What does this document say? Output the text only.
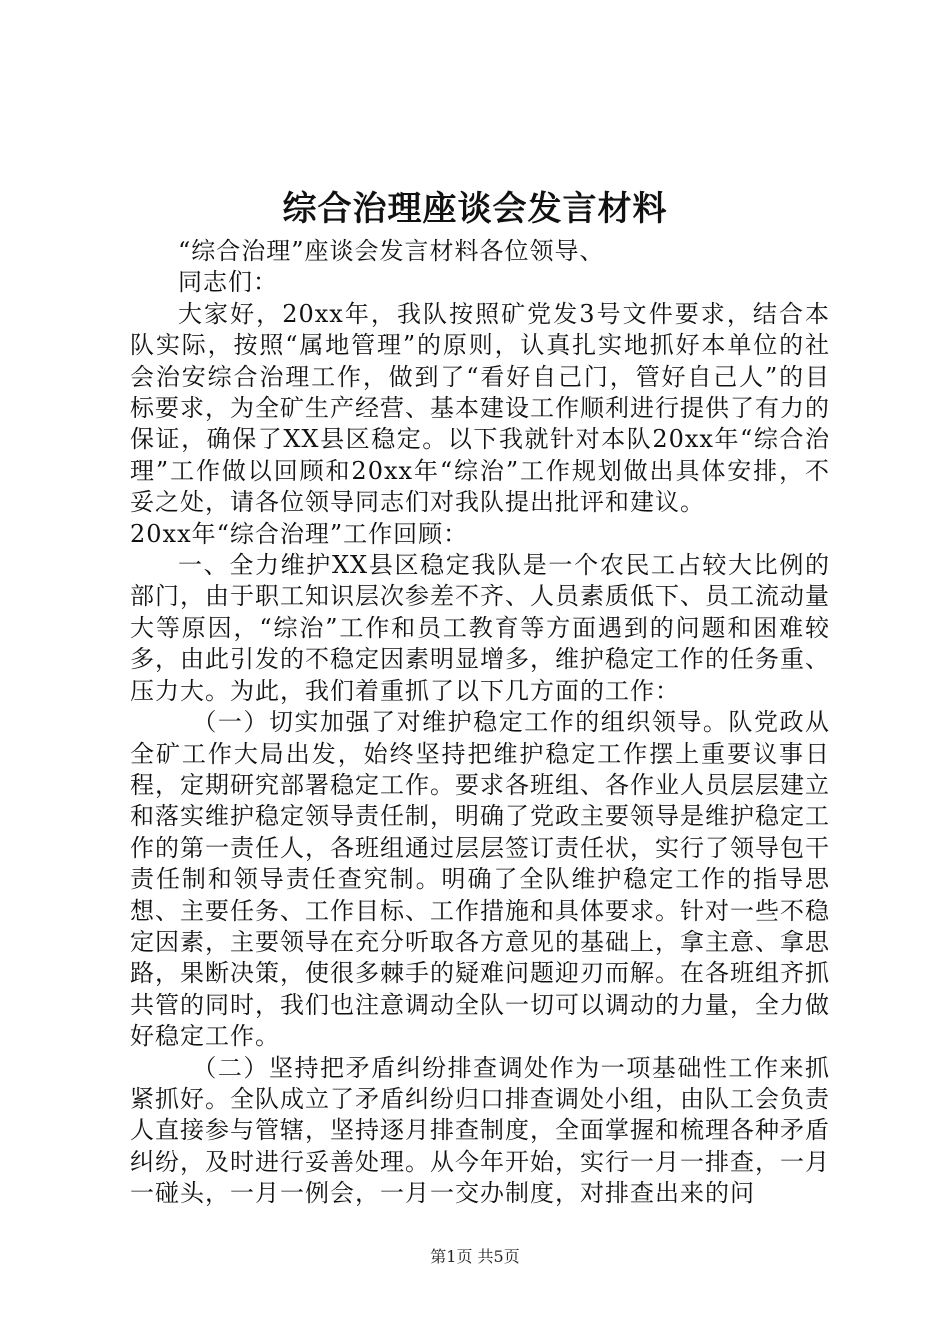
综合治理座谈会发言材料

“综合治理”座谈会发言材料各位领导、

同志们：

大家好，20xx年，我队按照矿党发3号文件要求，结合本队实际，按照“属地管理”的原则，认真扎实地抓好本单位的社会治安综合治理工作，做到了“看好自己门，管好自己人”的目标要求，为全矿生产经营、基本建设工作顺利进行提供了有力的保证，确保了XX县区稳定。以下我就针对本队20xx年“综合治理”工作做以回顾和20xx年“综治”工作规划做出具体安排，不妥之处，请各位领导同志们对我队提出批评和建议。

20xx年“综合治理”工作回顾：

一、全力维护XX县区稳定我队是一个农民工占较大比例的部门，由于职工知识层次参差不齐、人员素质低下、员工流动量大等原因，“综治”工作和员工教育等方面遇到的问题和困难较多，由此引发的不稳定因素明显增多，维护稳定工作的任务重、压力大。为此，我们着重抓了以下几方面的工作：

（一）切实加强了对维护稳定工作的组织领导。队党政从全矿工作大局出发，始终坚持把维护稳定工作摆上重要议事日程，定期研究部署稳定工作。要求各班组、各作业人员层层建立和落实维护稳定领导责任制，明确了党政主要领导是维护稳定工作的第一责任人，各班组通过层层签订责任状，实行了领导包干责任制和领导责任查究制。明确了全队维护稳定工作的指导思想、主要任务、工作目标、工作措施和具体要求。针对一些不稳定因素，主要领导在充分听取各方意见的基础上，拿主意、拿思路，果断决策，使很多棘手的疑难问题迎刃而解。在各班组齐抓共管的同时，我们也注意调动全队一切可以调动的力量，全力做好稳定工作。

（二）坚持把矛盾纠纷排查调处作为一项基础性工作来抓紧抓好。全队成立了矛盾纠纷归口排查调处小组，由队工会负责人直接参与管辖，坚持逐月排查制度，全面掌握和梳理各种矛盾纠纷，及时进行妥善处理。从今年开始，实行一月一排查，一月一碰头，一月一例会，一月一交办制度，对排查出来的问

第1页 共5页
